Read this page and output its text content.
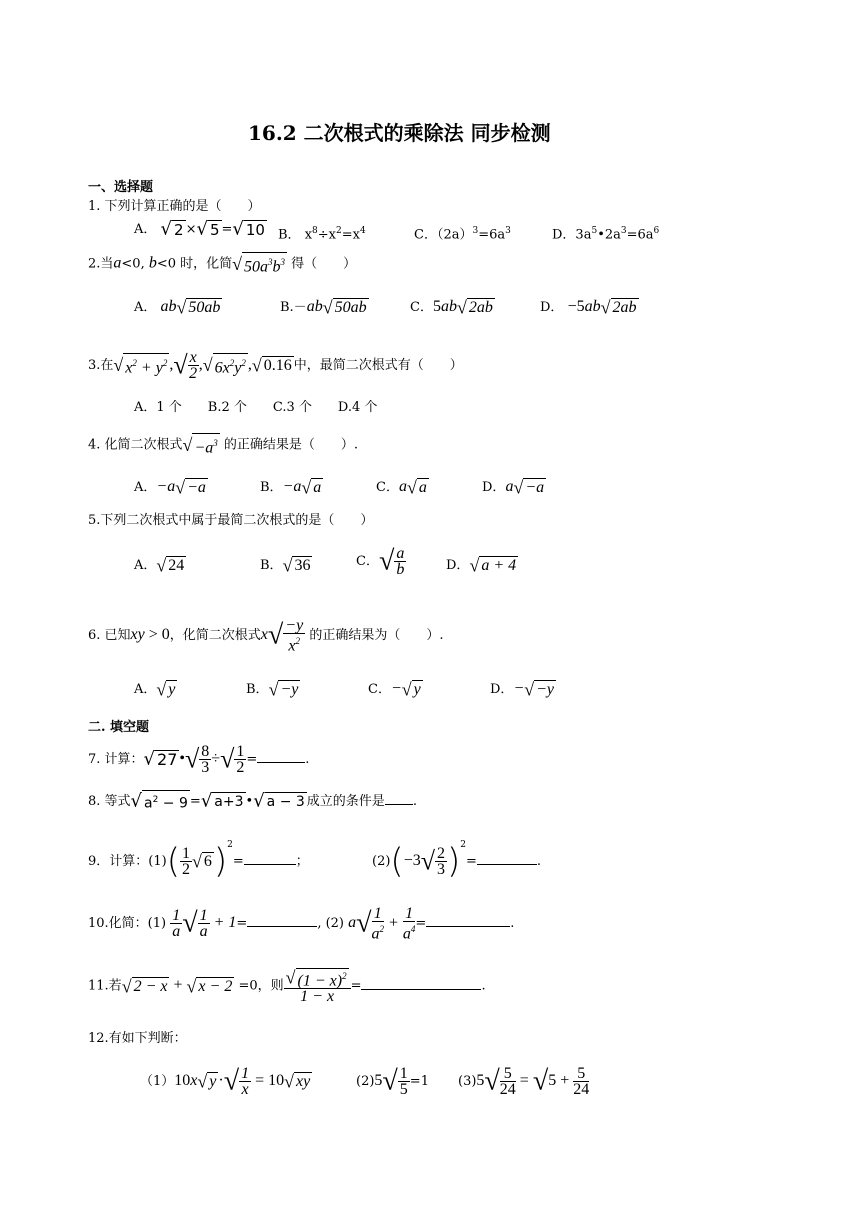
16.2 二次根式的乘除法 同步检测
一、选择题
1. 下列计算正确的是（　　）
A． √ 2 ×√ 5 =√ 10 B． $x^8\div x^2=x^4$	C．$(2a)^3=6a^3$	D．$3a^5•2a^3=6a^6$
2.当a<0, b<0 时，化简√ $50a^3b^3$ 得（　　）
A． ab√ 50ab	B.－ab√ 50ab	C．5ab√ 2ab	D． −5ab√ 2ab
3.在√ $x^2 + y^2$ ,√ $\frac{x}{2}$ ,√ $6x^2y^2$ ,√ 0.16 中，最简二次根式有（　　）
A．1 个　　B.2 个　　C.3 个　　D.4 个
4. 化简二次根式√ $-a^3$ 的正确结果是（　　）.
A．−a√ −a	B．−a√ a	C．a√ a	D．a√ −a
5.下列二次根式中属于最简二次根式的是（　　）
A．√ 24	B．√ 36	C．√ $\frac{a}{b}$	D．√ a + 4
6. 已知xy > 0，化简二次根式$x√ \frac{-y}{x^2}$ 的正确结果为（　　）.
A．√ y	B．√ −y	C．−√ y	D．−√ −y
二. 填空题
7. 计算：√ 27 •√ $\frac{8}{3}$ ÷√ $\frac{1}{2}$ =	.
8. 等式√ $a^2 - 9$ =√ a+3 •√ a − 3 成立的条件是 .
9．计算：$(1)( \frac{1}{2}$ √ 6)$^2$=	；	$(2)(-3√ \frac{2}{3} )^2=$	.
10.化简：$(1) \frac{1}{a}$ √ $\frac{1}{a} + 1=$	, (2) $a√ \frac{1}{a^2} + \frac{1}{a^4}$ =	.
11.若√ 2 − x + √ x − 2 =0，则 $\frac{√ (1 - x)^2}{1 - x}$ =	.
12.有如下判断：
（1）10x√ y ·√ $\frac{1}{x} = 10√$ xy	$(2)5√ \frac{1}{5} =1$ $(3)5√ \frac{5}{24} = √5 + \frac{5}{24}$
